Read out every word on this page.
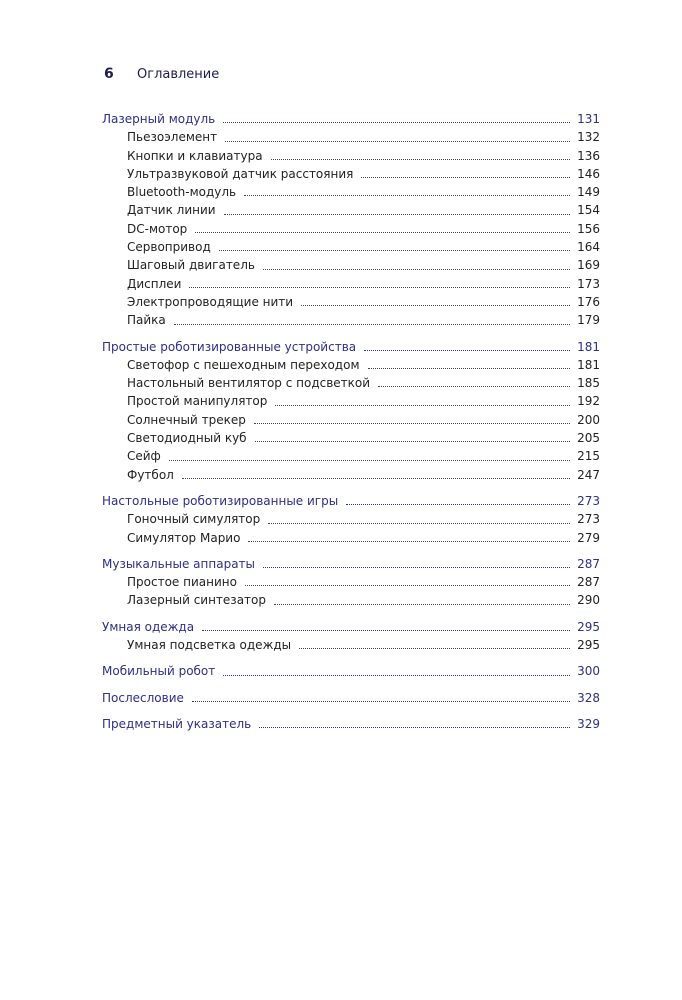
6	Оглавление
Лазерный модуль	131
Пьезоэлемент	132
Кнопки и клавиатура	136
Ультразвуковой датчик расстояния	146
Bluetooth-модуль	149
Датчик линии	154
DC-мотор	156
Сервопривод	164
Шаговый двигатель	169
Дисплеи	173
Электропроводящие нити	176
Пайка	179
Простые роботизированные устройства	181
Светофор с пешеходным переходом	181
Настольный вентилятор с подсветкой	185
Простой манипулятор	192
Солнечный трекер	200
Светодиодный куб	205
Сейф	215
Футбол	247
Настольные роботизированные игры	273
Гоночный симулятор	273
Симулятор Марио	279
Музыкальные аппараты	287
Простое пианино	287
Лазерный синтезатор	290
Умная одежда	295
Умная подсветка одежды	295
Мобильный робот	300
Послесловие	328
Предметный указатель	329
